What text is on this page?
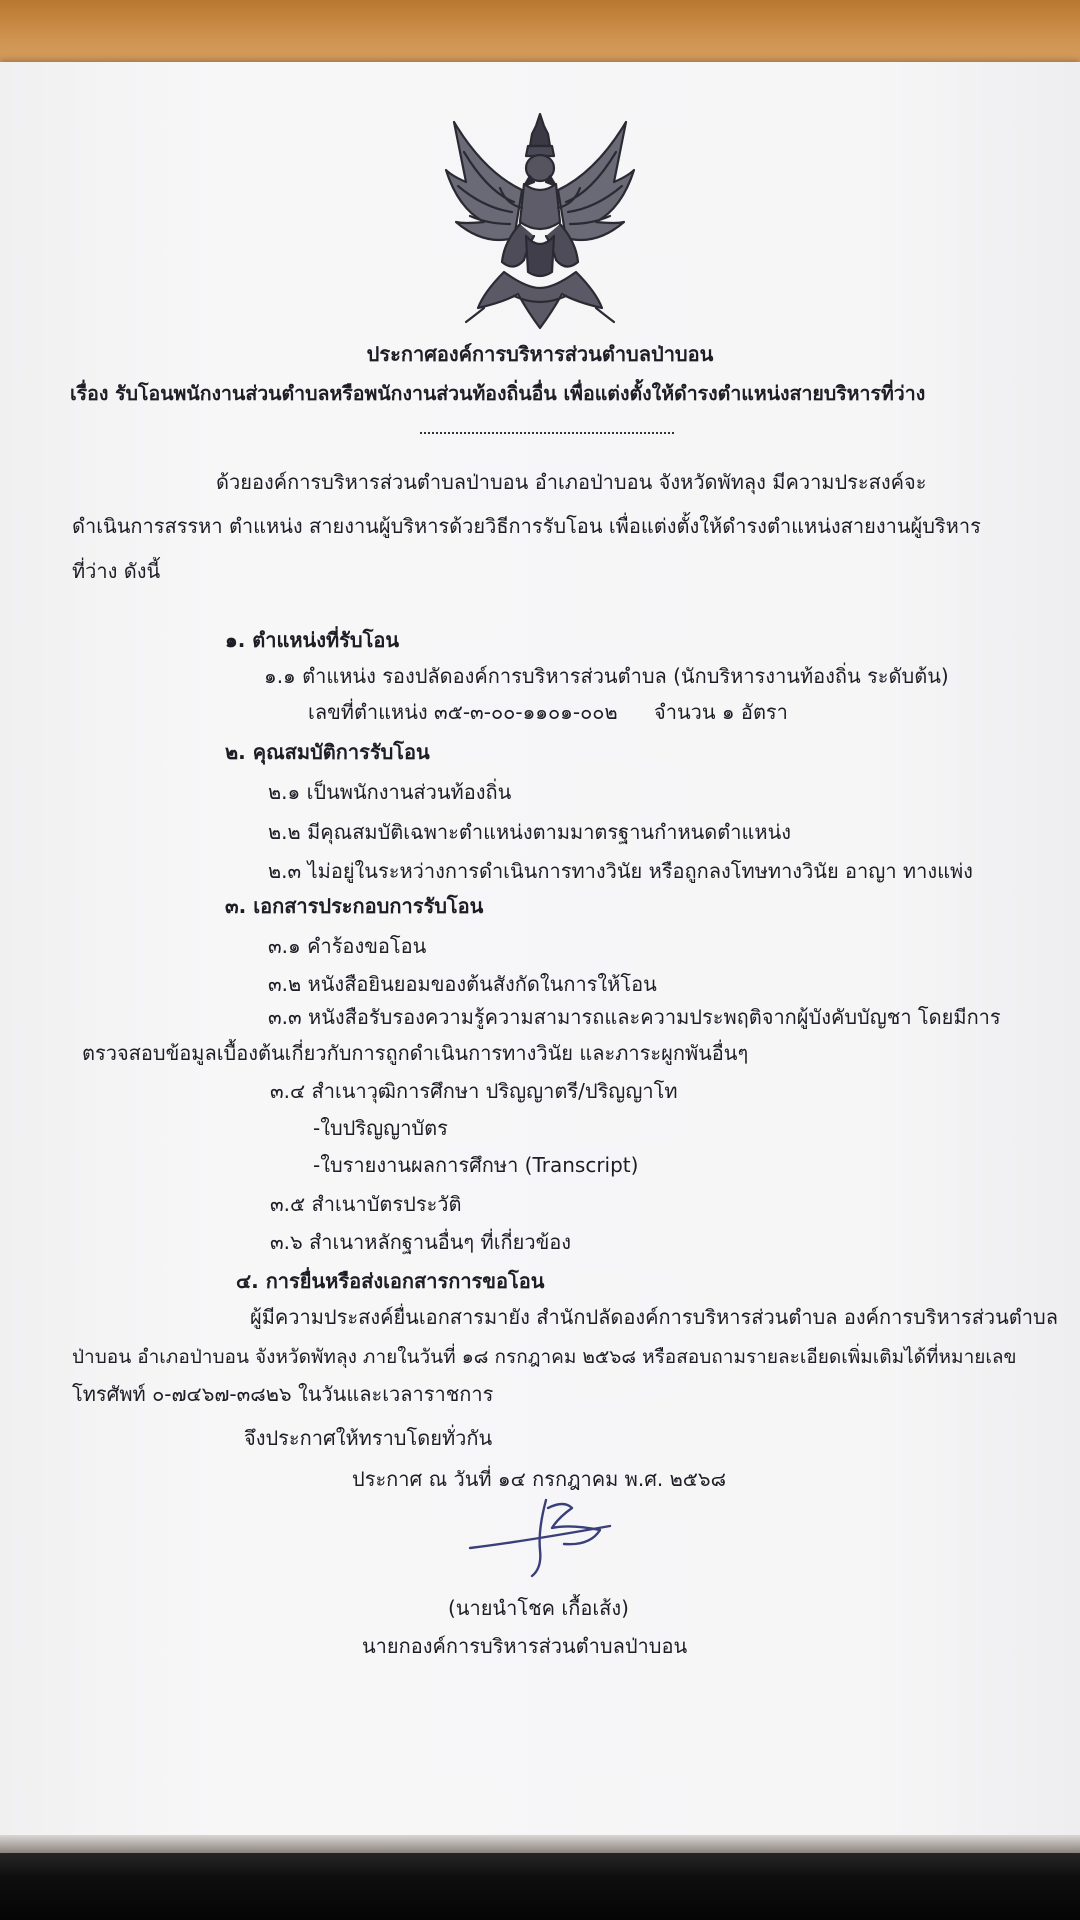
ประกาศองค์การบริหารส่วนตำบลป่าบอน
เรื่อง รับโอนพนักงานส่วนตำบลหรือพนักงานส่วนท้องถิ่นอื่น เพื่อแต่งตั้งให้ดำรงตำแหน่งสายบริหารที่ว่าง
ด้วยองค์การบริหารส่วนตำบลป่าบอน อำเภอป่าบอน จังหวัดพัทลุง มีความประสงค์จะ
ดำเนินการสรรหา ตำแหน่ง สายงานผู้บริหารด้วยวิธีการรับโอน เพื่อแต่งตั้งให้ดำรงตำแหน่งสายงานผู้บริหาร
ที่ว่าง ดังนี้
๑. ตำแหน่งที่รับโอน
๑.๑ ตำแหน่ง รองปลัดองค์การบริหารส่วนตำบล (นักบริหารงานท้องถิ่น ระดับต้น)
เลขที่ตำแหน่ง ๓๕-๓-๐๐-๑๑๐๑-๐๐๒ จำนวน ๑ อัตรา
๒. คุณสมบัติการรับโอน
๒.๑ เป็นพนักงานส่วนท้องถิ่น
๒.๒ มีคุณสมบัติเฉพาะตำแหน่งตามมาตรฐานกำหนดตำแหน่ง
๒.๓ ไม่อยู่ในระหว่างการดำเนินการทางวินัย หรือถูกลงโทษทางวินัย อาญา ทางแพ่ง
๓. เอกสารประกอบการรับโอน
๓.๑ คำร้องขอโอน
๓.๒ หนังสือยินยอมของต้นสังกัดในการให้โอน
๓.๓ หนังสือรับรองความรู้ความสามารถและความประพฤติจากผู้บังคับบัญชา โดยมีการ
ตรวจสอบข้อมูลเบื้องต้นเกี่ยวกับการถูกดำเนินการทางวินัย และภาระผูกพันอื่นๆ
๓.๔ สำเนาวุฒิการศึกษา ปริญญาตรี/ปริญญาโท
-ใบปริญญาบัตร
-ใบรายงานผลการศึกษา (Transcript)
๓.๕ สำเนาบัตรประวัติ
๓.๖ สำเนาหลักฐานอื่นๆ ที่เกี่ยวข้อง
๔. การยื่นหรือส่งเอกสารการขอโอน
ผู้มีความประสงค์ยื่นเอกสารมายัง สำนักปลัดองค์การบริหารส่วนตำบล องค์การบริหารส่วนตำบล
ป่าบอน อำเภอป่าบอน จังหวัดพัทลุง ภายในวันที่ ๑๘ กรกฎาคม ๒๕๖๘ หรือสอบถามรายละเอียดเพิ่มเติมได้ที่หมายเลข
โทรศัพท์ ๐-๗๔๖๗-๓๘๒๖ ในวันและเวลาราชการ
จึงประกาศให้ทราบโดยทั่วกัน
ประกาศ ณ วันที่ ๑๔ กรกฎาคม พ.ศ. ๒๕๖๘
(นายนำโชค เกื้อเส้ง)
นายกองค์การบริหารส่วนตำบลป่าบอน
